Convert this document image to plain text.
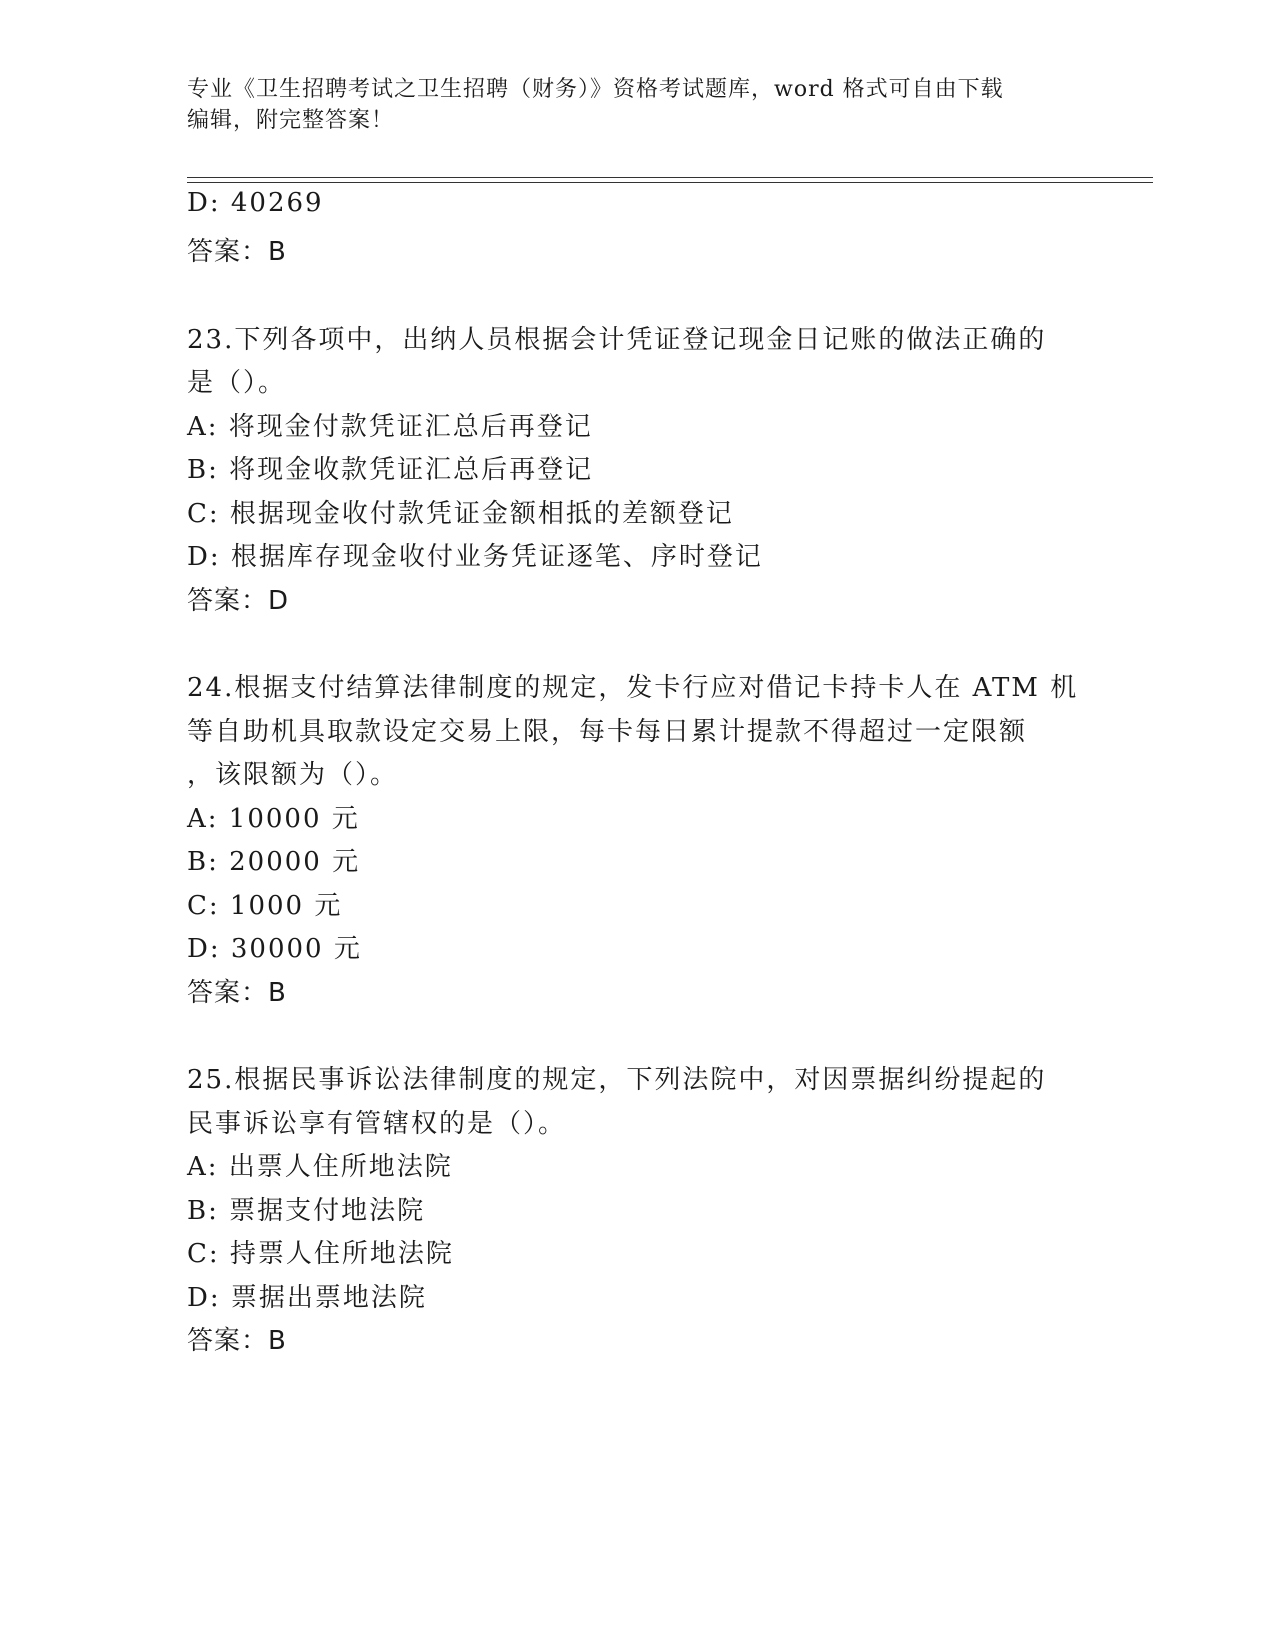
专业《卫生招聘考试之卫生招聘（财务）》资格考试题库，word 格式可自由下载
编辑，附完整答案！
D: 40269
答案：B
23.下列各项中，出纳人员根据会计凭证登记现金日记账的做法正确的
是（）。
A: 将现金付款凭证汇总后再登记
B: 将现金收款凭证汇总后再登记
C: 根据现金收付款凭证金额相抵的差额登记
D: 根据库存现金收付业务凭证逐笔、序时登记
答案：D
24.根据支付结算法律制度的规定，发卡行应对借记卡持卡人在 ATM 机
等自助机具取款设定交易上限，每卡每日累计提款不得超过一定限额
，该限额为（）。
A: 10000 元
B: 20000 元
C: 1000 元
D: 30000 元
答案：B
25.根据民事诉讼法律制度的规定，下列法院中，对因票据纠纷提起的
民事诉讼享有管辖权的是（）。
A: 出票人住所地法院
B: 票据支付地法院
C: 持票人住所地法院
D: 票据出票地法院
答案：B
